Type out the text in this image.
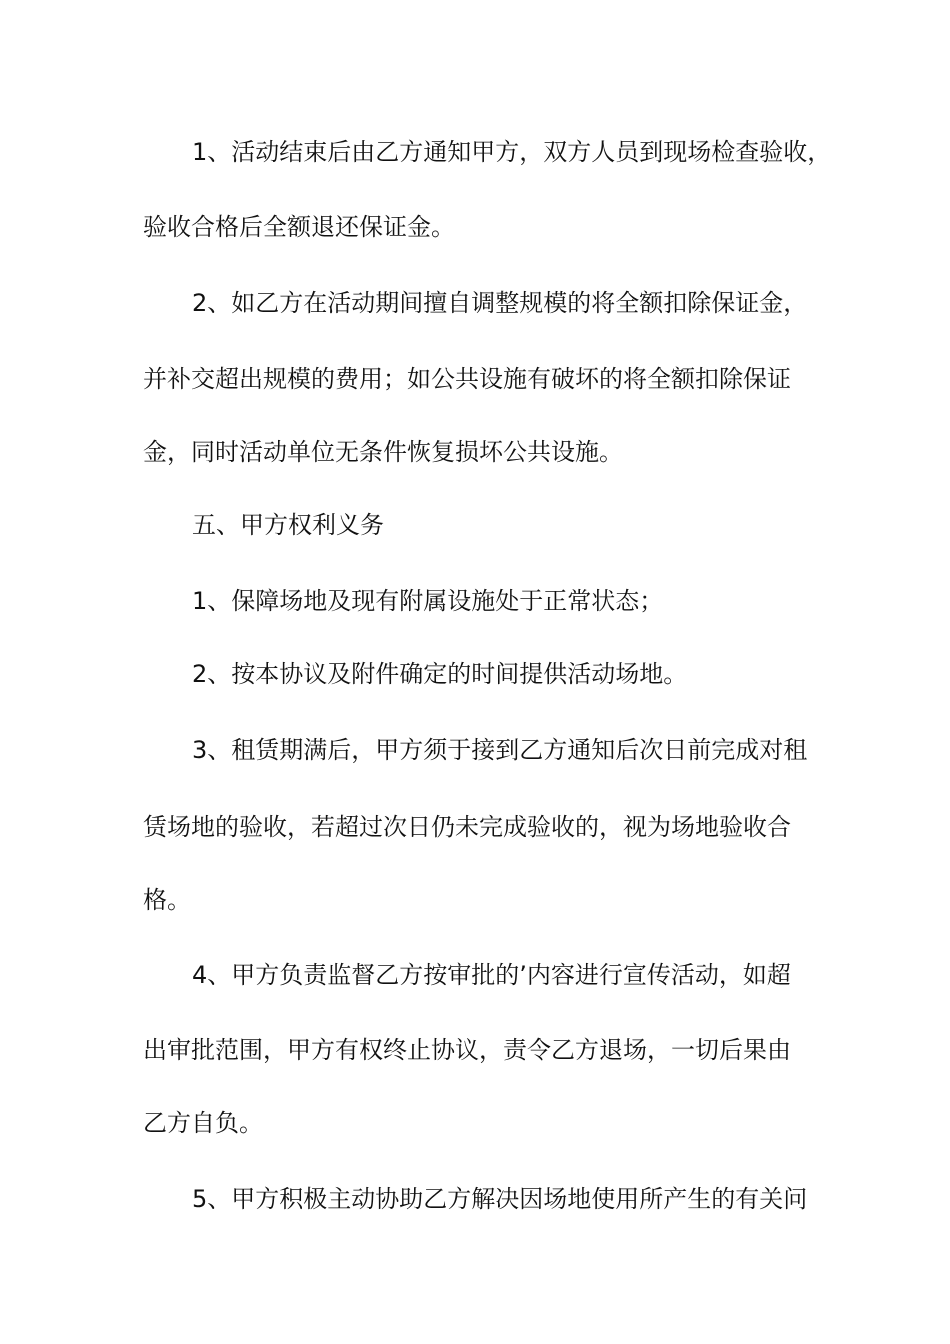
1、活动结束后由乙方通知甲方，双方人员到现场检查验收，
验收合格后全额退还保证金。
2、如乙方在活动期间擅自调整规模的将全额扣除保证金，
并补交超出规模的费用；如公共设施有破坏的将全额扣除保证
金，同时活动单位无条件恢复损坏公共设施。
五、甲方权利义务
1、保障场地及现有附属设施处于正常状态；
2、按本协议及附件确定的时间提供活动场地。
3、租赁期满后，甲方须于接到乙方通知后次日前完成对租
赁场地的验收，若超过次日仍未完成验收的，视为场地验收合
格。
4、甲方负责监督乙方按审批的’内容进行宣传活动，如超
出审批范围，甲方有权终止协议，责令乙方退场，一切后果由
乙方自负。
5、甲方积极主动协助乙方解决因场地使用所产生的有关问
